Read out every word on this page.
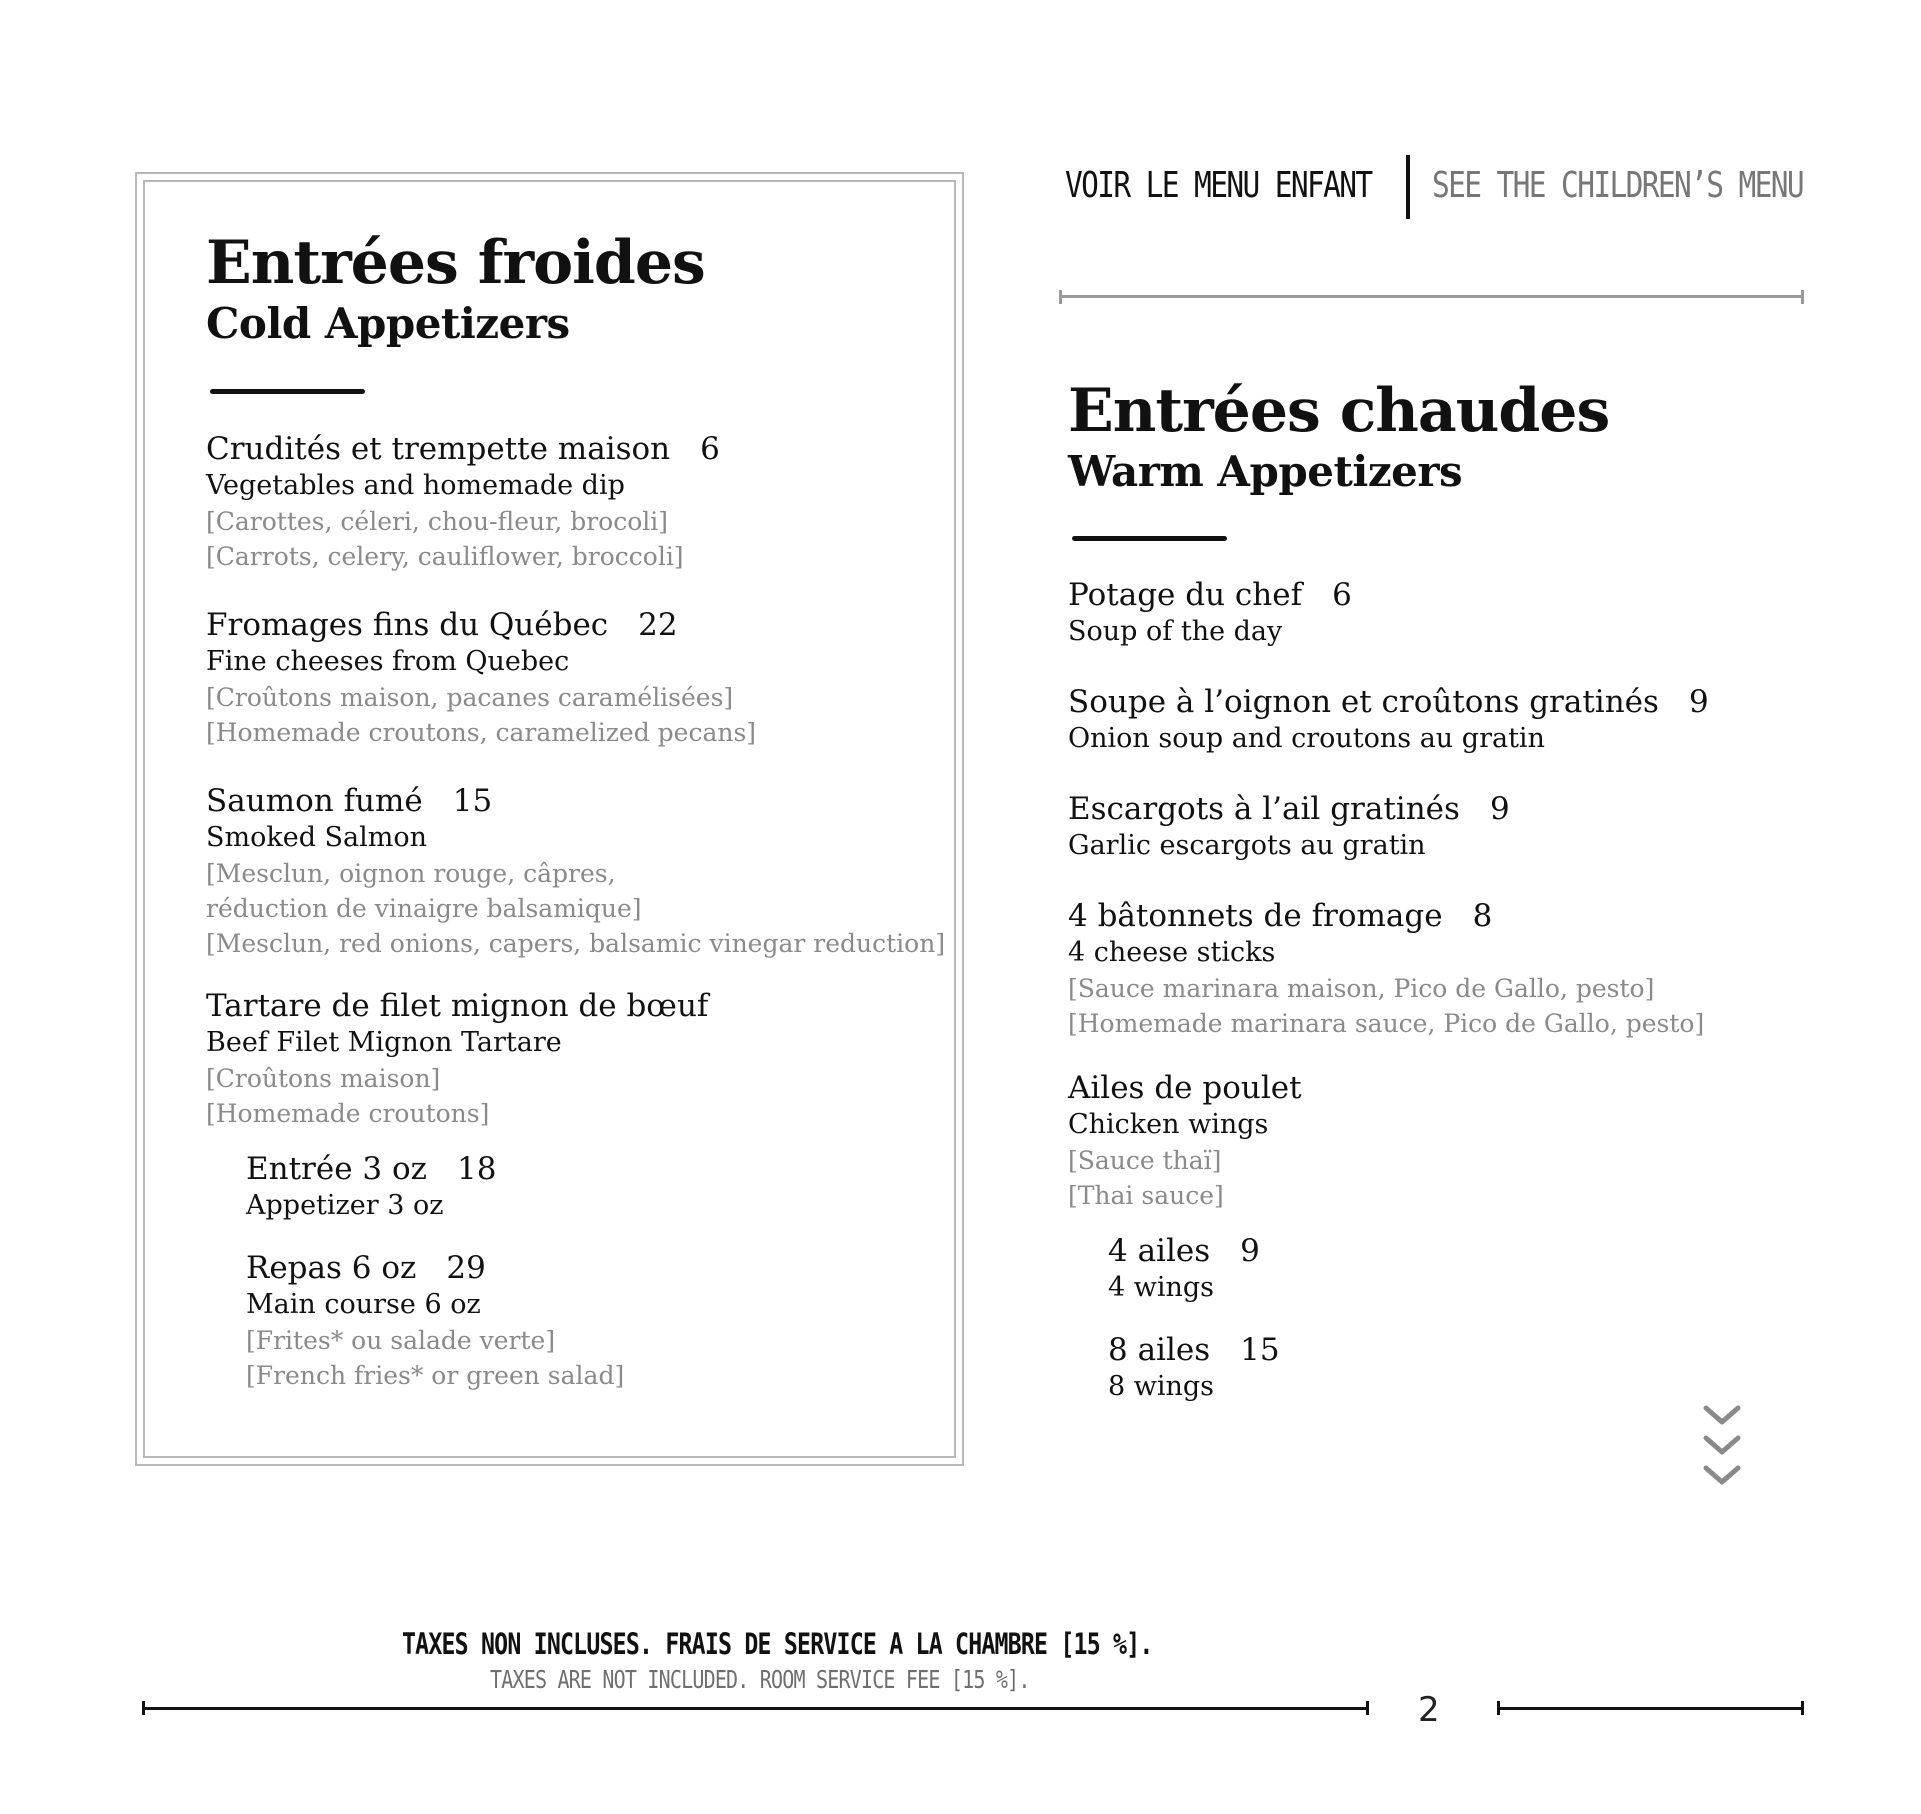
Entrées froides
Cold Appetizers
Crudités et trempette maison 6
Vegetables and homemade dip
[Carottes, céleri, chou-fleur, brocoli]
[Carrots, celery, cauliflower, broccoli]
Fromages fins du Québec 22
Fine cheeses from Quebec
[Croûtons maison, pacanes caramélisées]
[Homemade croutons, caramelized pecans]
Saumon fumé 15
Smoked Salmon
[Mesclun, oignon rouge, câpres,
réduction de vinaigre balsamique]
[Mesclun, red onions, capers, balsamic vinegar reduction]
Tartare de filet mignon de bœuf
Beef Filet Mignon Tartare
[Croûtons maison]
[Homemade croutons]
Entrée 3 oz 18
Appetizer 3 oz
Repas 6 oz 29
Main course 6 oz
[Frites* ou salade verte]
[French fries* or green salad]
VOIR LE MENU ENFANT SEE THE CHILDREN’S MENU
Entrées chaudes
Warm Appetizers
Potage du chef 6
Soup of the day
Soupe à l’oignon et croûtons gratinés 9
Onion soup and croutons au gratin
Escargots à l’ail gratinés 9
Garlic escargots au gratin
4 bâtonnets de fromage 8
4 cheese sticks
[Sauce marinara maison, Pico de Gallo, pesto]
[Homemade marinara sauce, Pico de Gallo, pesto]
Ailes de poulet
Chicken wings
[Sauce thaï]
[Thai sauce]
4 ailes 9
4 wings
8 ailes 15
8 wings
TAXES NON INCLUSES. FRAIS DE SERVICE A LA CHAMBRE [15 %].
TAXES ARE NOT INCLUDED. ROOM SERVICE FEE [15 %].
2
